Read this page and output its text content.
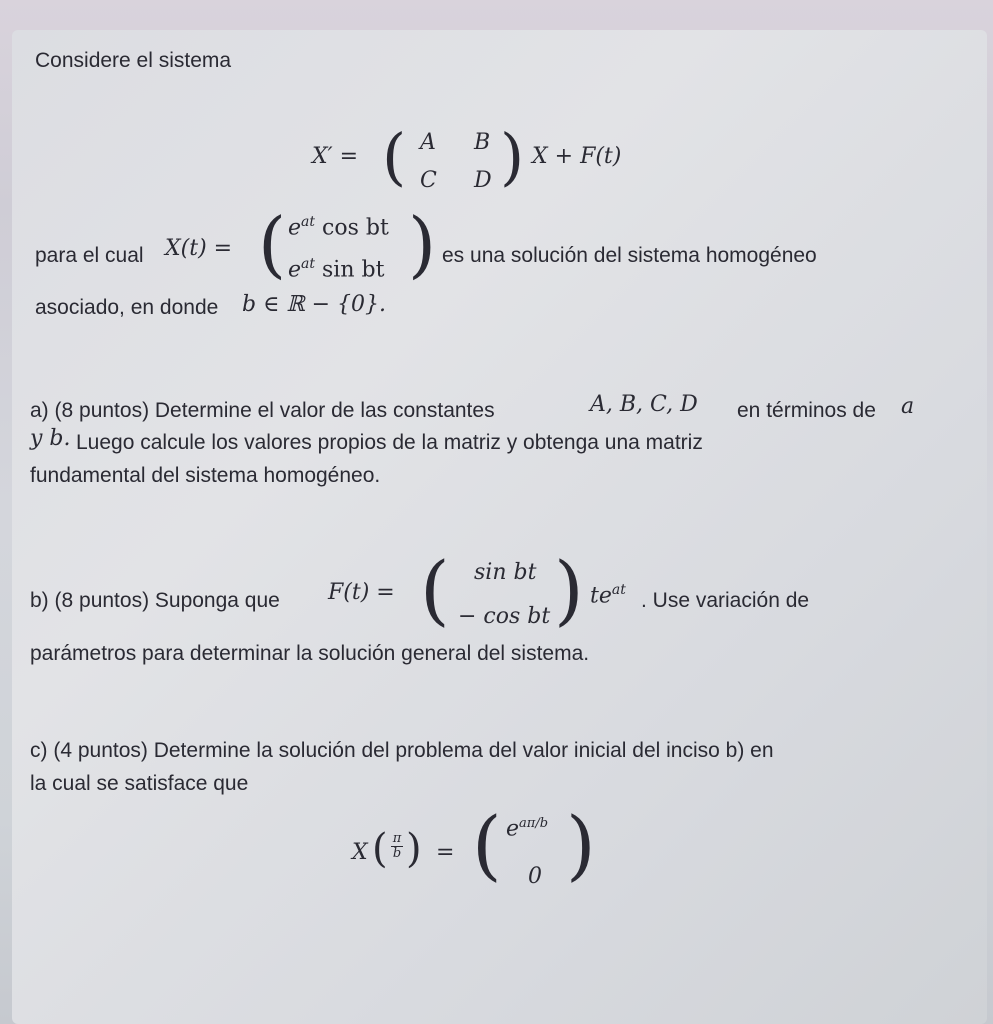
Considere el sistema
X′ = ( A B
C D ) X + F(t)
para el cual X(t) = ( $e^{at}$ cos bt
$e^{at}$ sin bt ) es una solución del sistema homogéneo
asociado, en donde b ∈ ℝ − {0}.
a) (8 puntos) Determine el valor de las constantes	A, B, C, D en términos de a
y b. Luego calcule los valores propios de la matriz y obtenga una matriz
fundamental del sistema homogéneo.
b) (8 puntos) Suponga que F(t) = ( sin bt
− cos bt ) $te^{at}$ . Use variación de
parámetros para determinar la solución general del sistema.
c) (4 puntos) Determine la solución del problema del valor inicial del inciso b) en
la cual se satisface que
X ( π
b ) = ( $e^{a\pi/b}$
0 )
